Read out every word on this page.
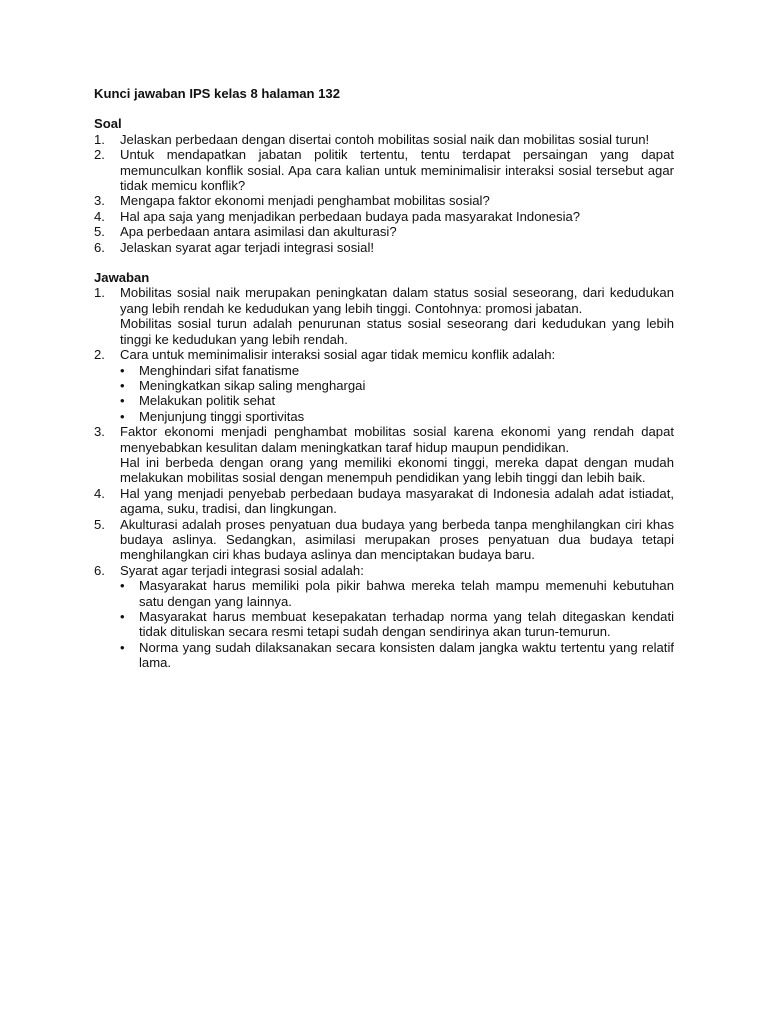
Kunci jawaban IPS kelas 8 halaman 132

Soal

1. Jelaskan perbedaan dengan disertai contoh mobilitas sosial naik dan mobilitas sosial turun!
2. Untuk mendapatkan jabatan politik tertentu, tentu terdapat persaingan yang dapat memunculkan konflik sosial. Apa cara kalian untuk meminimalisir interaksi sosial tersebut agar tidak memicu konflik?
3. Mengapa faktor ekonomi menjadi penghambat mobilitas sosial?
4. Hal apa saja yang menjadikan perbedaan budaya pada masyarakat Indonesia?
5. Apa perbedaan antara asimilasi dan akulturasi?
6. Jelaskan syarat agar terjadi integrasi sosial!

Jawaban

1. Mobilitas sosial naik merupakan peningkatan dalam status sosial seseorang, dari kedudukan yang lebih rendah ke kedudukan yang lebih tinggi. Contohnya: promosi jabatan.

Mobilitas sosial turun adalah penurunan status sosial seseorang dari kedudukan yang lebih tinggi ke kedudukan yang lebih rendah.

2. Cara untuk meminimalisir interaksi sosial agar tidak memicu konflik adalah:

• Menghindari sifat fanatisme
• Meningkatkan sikap saling menghargai
• Melakukan politik sehat
• Menjunjung tinggi sportivitas
3. Faktor ekonomi menjadi penghambat mobilitas sosial karena ekonomi yang rendah dapat menyebabkan kesulitan dalam meningkatkan taraf hidup maupun pendidikan.

Hal ini berbeda dengan orang yang memiliki ekonomi tinggi, mereka dapat dengan mudah melakukan mobilitas sosial dengan menempuh pendidikan yang lebih tinggi dan lebih baik.

4. Hal yang menjadi penyebab perbedaan budaya masyarakat di Indonesia adalah adat istiadat, agama, suku, tradisi, dan lingkungan.

5. Akulturasi adalah proses penyatuan dua budaya yang berbeda tanpa menghilangkan ciri khas budaya aslinya. Sedangkan, asimilasi merupakan proses penyatuan dua budaya tetapi menghilangkan ciri khas budaya aslinya dan menciptakan budaya baru.

6. Syarat agar terjadi integrasi sosial adalah:

• Masyarakat harus memiliki pola pikir bahwa mereka telah mampu memenuhi kebutuhan satu dengan yang lainnya.
• Masyarakat harus membuat kesepakatan terhadap norma yang telah ditegaskan kendati tidak dituliskan secara resmi tetapi sudah dengan sendirinya akan turun-temurun.
• Norma yang sudah dilaksanakan secara konsisten dalam jangka waktu tertentu yang relatif lama.
